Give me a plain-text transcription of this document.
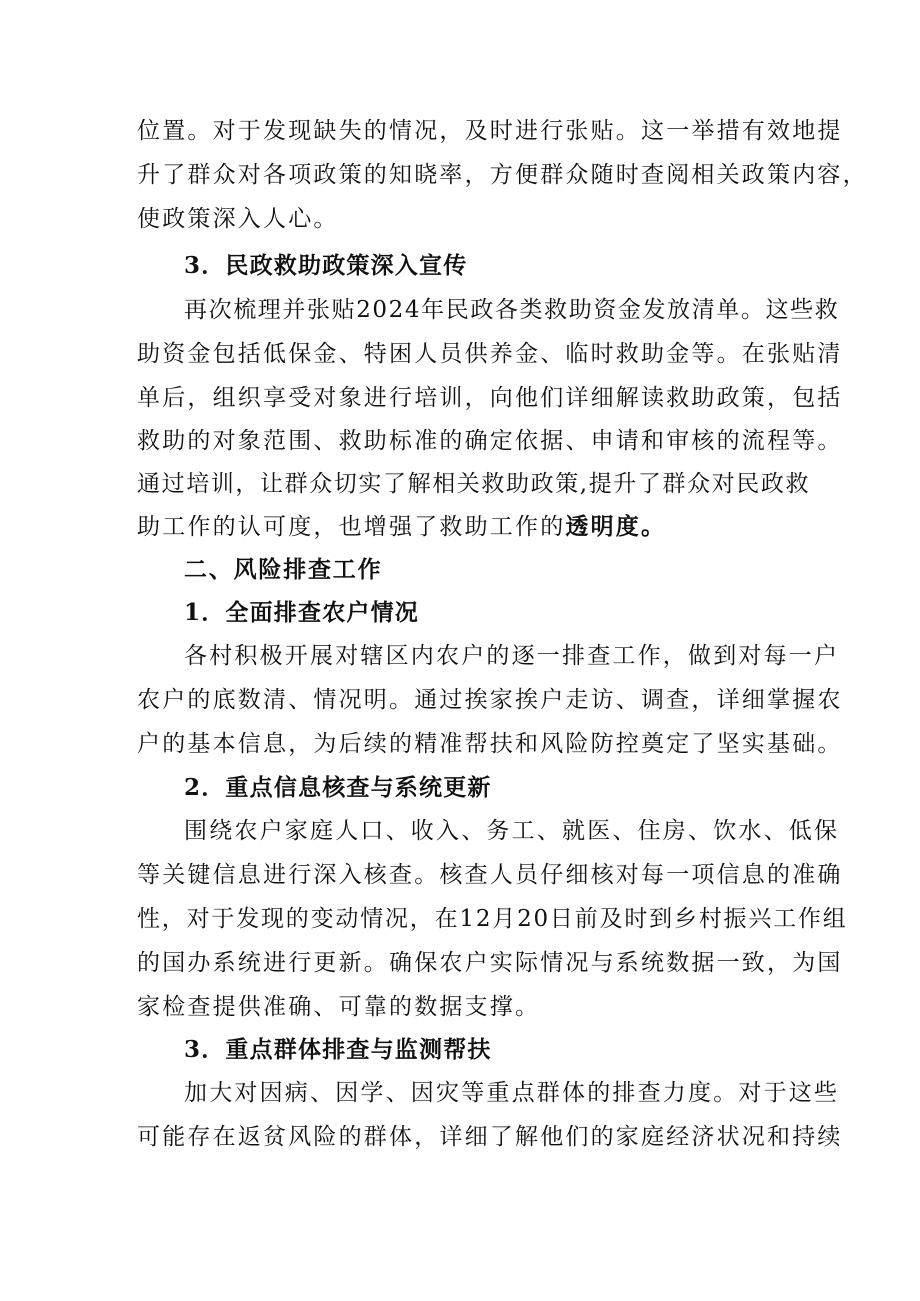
位置。对于发现缺失的情况，及时进行张贴。这一举措有效地提
升了群众对各项政策的知晓率，方便群众随时查阅相关政策内容，
使政策深入人心。
3．民政救助政策深入宣传
再次梳理并张贴2024年民政各类救助资金发放清单。这些救
助资金包括低保金、特困人员供养金、临时救助金等。在张贴清
单后，组织享受对象进行培训，向他们详细解读救助政策，包括
救助的对象范围、救助标准的确定依据、申请和审核的流程等。
通过培训，让群众切实了解相关救助政策,提升了群众对民政救
助工作的认可度，也增强了救助工作的透明度。
二、风险排查工作
1．全面排查农户情况
各村积极开展对辖区内农户的逐一排查工作，做到对每一户
农户的底数清、情况明。通过挨家挨户走访、调查，详细掌握农
户的基本信息，为后续的精准帮扶和风险防控奠定了坚实基础。
2．重点信息核查与系统更新
围绕农户家庭人口、收入、务工、就医、住房、饮水、低保
等关键信息进行深入核查。核查人员仔细核对每一项信息的准确
性，对于发现的变动情况，在12月20日前及时到乡村振兴工作组
的国办系统进行更新。确保农户实际情况与系统数据一致，为国
家检查提供准确、可靠的数据支撑。
3．重点群体排查与监测帮扶
加大对因病、因学、因灾等重点群体的排查力度。对于这些
可能存在返贫风险的群体，详细了解他们的家庭经济状况和持续
